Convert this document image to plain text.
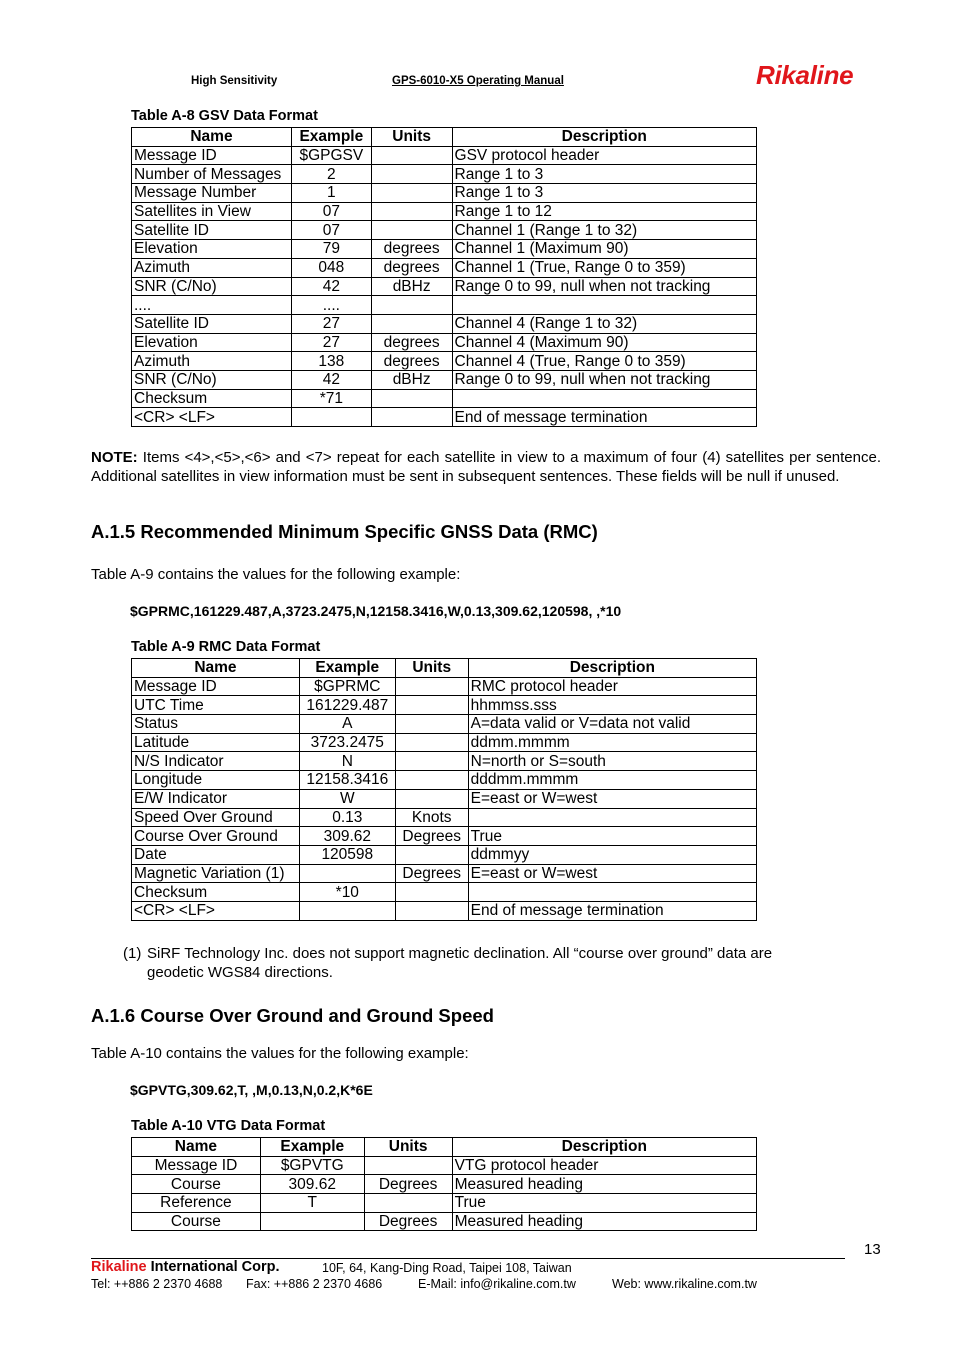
High Sensitivity	GPS-6010-X5 Operating Manual	Rikaline
Table A-8 GSV Data Format
Name	Example	Units	Description
Message ID	$GPGSV		GSV protocol header
Number of Messages	2		Range 1 to 3
Message Number	1		Range 1 to 3
Satellites in View	07		Range 1 to 12
Satellite ID	07		Channel 1 (Range 1 to 32)
Elevation	79	degrees	Channel 1 (Maximum 90)
Azimuth	048	degrees	Channel 1 (True, Range 0 to 359)
SNR (C/No)	42	dBHz	Range 0 to 99, null when not tracking
....	....		
Satellite ID	27		Channel 4 (Range 1 to 32)
Elevation	27	degrees	Channel 4 (Maximum 90)
Azimuth	138	degrees	Channel 4 (True, Range 0 to 359)
SNR (C/No)	42	dBHz	Range 0 to 99, null when not tracking
Checksum	*71		
<CR> <LF>			End of message termination
NOTE: Items <4>,<5>,<6> and <7> repeat for each satellite in view to a maximum of four (4) satellites per sentence. Additional satellites in view information must be sent in subsequent sentences. These fields will be null if unused.
A.1.5 Recommended Minimum Specific GNSS Data (RMC)
Table A-9 contains the values for the following example:
$GPRMC,161229.487,A,3723.2475,N,12158.3416,W,0.13,309.62,120598, ,*10
Table A-9 RMC Data Format
Name	Example	Units	Description
Message ID	$GPRMC		RMC protocol header
UTC Time	161229.487		hhmmss.sss
Status	A		A=data valid or V=data not valid
Latitude	3723.2475		ddmm.mmmm
N/S Indicator	N		N=north or S=south
Longitude	12158.3416		dddmm.mmmm
E/W Indicator	W		E=east or W=west
Speed Over Ground	0.13	Knots	
Course Over Ground	309.62	Degrees	True
Date	120598		ddmmyy
Magnetic Variation (1)		Degrees	E=east or W=west
Checksum	*10		
<CR> <LF>			End of message termination
(1) SiRF Technology Inc. does not support magnetic declination. All “course over ground” data are
geodetic WGS84 directions.
A.1.6 Course Over Ground and Ground Speed
Table A-10 contains the values for the following example:
$GPVTG,309.62,T, ,M,0.13,N,0.2,K*6E
Table A-10 VTG Data Format
Name	Example	Units	Description
Message ID	$GPVTG		VTG protocol header
Course	309.62	Degrees	Measured heading
Reference	T		True
Course		Degrees	Measured heading
13
Rikaline International Corp.	10F, 64, Kang-Ding Road, Taipei 108, Taiwan
Tel: ++886 2 2370 4688 Fax: ++886 2 2370 4686	E-Mail: info@rikaline.com.tw	Web: www.rikaline.com.tw
